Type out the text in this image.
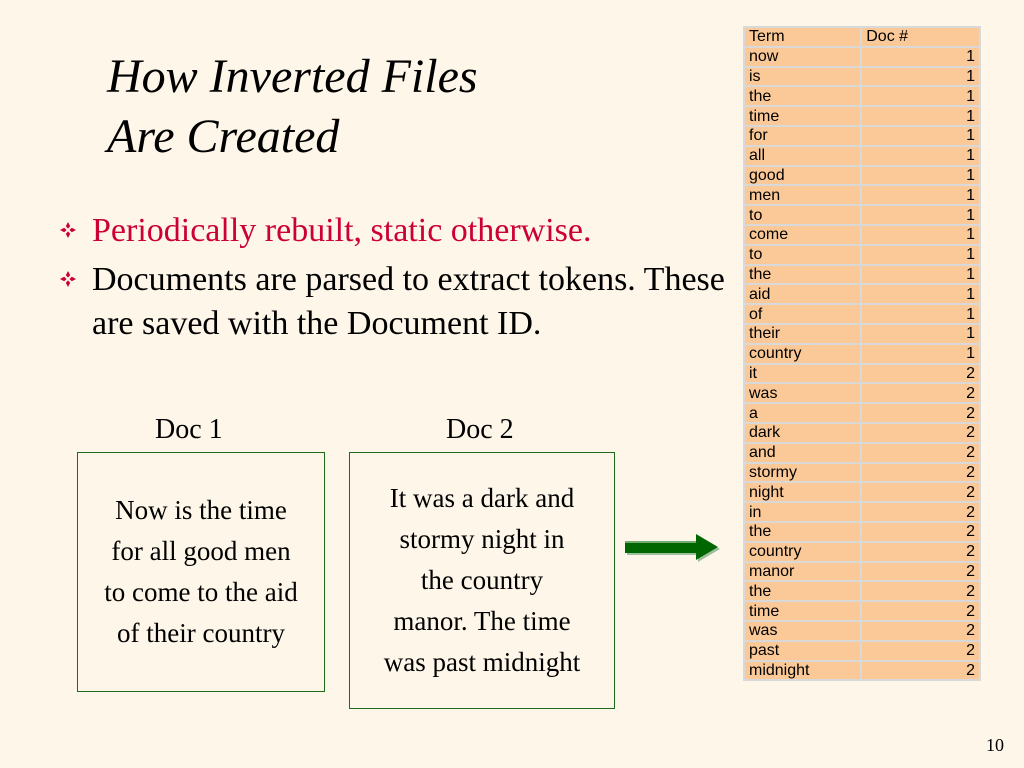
How Inverted Files
Are Created
Periodically rebuilt, static otherwise.
Documents are parsed to extract tokens. These are saved with the Document ID.
Doc 1	Doc 2
Now is the time
for all good men
to come to the aid
of their country
It was a dark and
stormy night in
the country
manor. The time
was past midnight
Term	Doc #
now	1
is	1
the	1
time	1
for	1
all	1
good	1
men	1
to	1
come	1
to	1
the	1
aid	1
of	1
their	1
country	1
it	2
was	2
a	2
dark	2
and	2
stormy	2
night	2
in	2
the	2
country	2
manor	2
the	2
time	2
was	2
past	2
midnight	2
10
